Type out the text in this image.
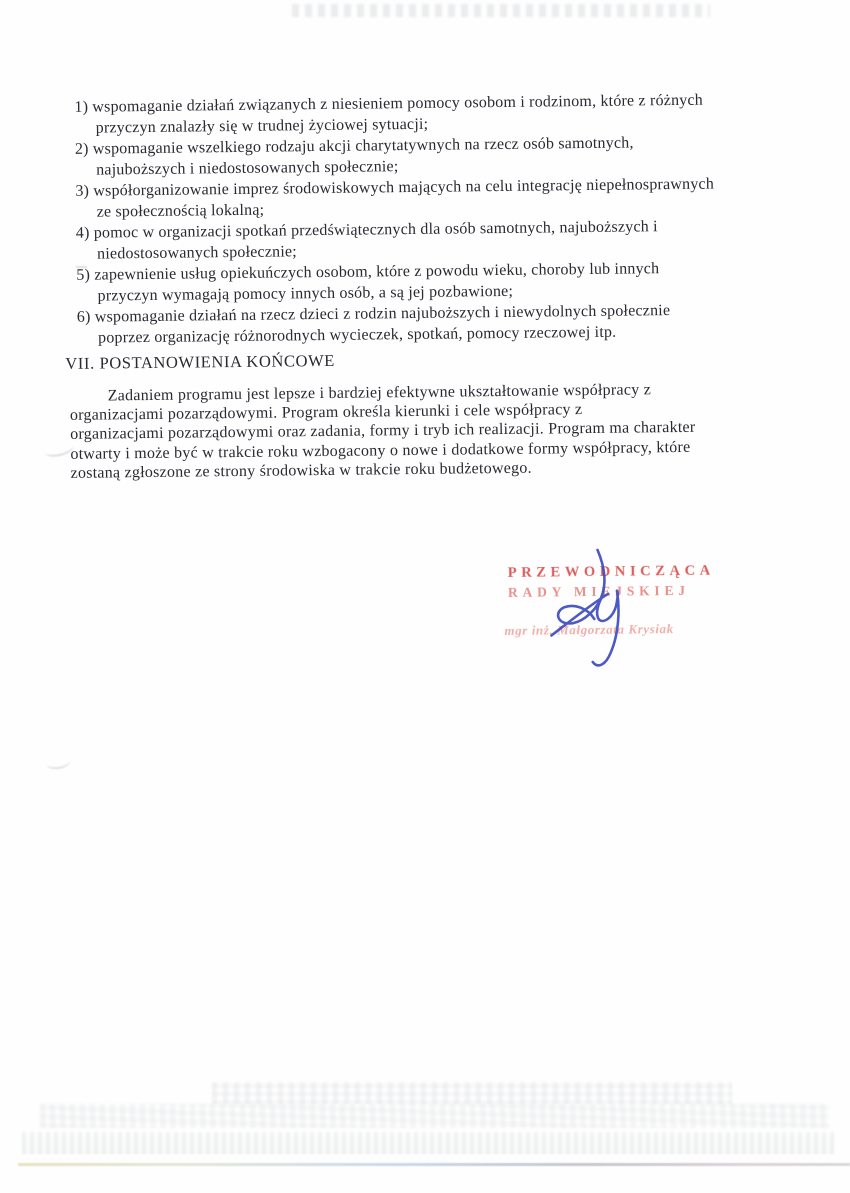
1) wspomaganie działań związanych z niesieniem pomocy osobom i rodzinom, które z różnych
przyczyn znalazły się w trudnej życiowej sytuacji;
2) wspomaganie wszelkiego rodzaju akcji charytatywnych na rzecz osób samotnych,
najuboższych i niedostosowanych społecznie;
3) współorganizowanie imprez środowiskowych mających na celu integrację niepełnosprawnych
ze społecznością lokalną;
4) pomoc w organizacji spotkań przedświątecznych dla osób samotnych, najuboższych i
niedostosowanych społecznie;
5) zapewnienie usług opiekuńczych osobom, które z powodu wieku, choroby lub innych
przyczyn wymagają pomocy innych osób, a są jej pozbawione;
6) wspomaganie działań na rzecz dzieci z rodzin najuboższych i niewydolnych społecznie
poprzez organizację różnorodnych wycieczek, spotkań, pomocy rzeczowej itp.
VII. POSTANOWIENIA KOŃCOWE
Zadaniem programu jest lepsze i bardziej efektywne ukształtowanie współpracy z
organizacjami pozarządowymi. Program określa kierunki i cele współpracy z
organizacjami pozarządowymi oraz zadania, formy i tryb ich realizacji. Program ma charakter
otwarty i może być w trakcie roku wzbogacony o nowe i dodatkowe formy współpracy, które
zostaną zgłoszone ze strony środowiska w trakcie roku budżetowego.
PRZEWODNICZĄCA
RADY MIEJSKIEJ
mgr inż. Małgorzata Krysiak
